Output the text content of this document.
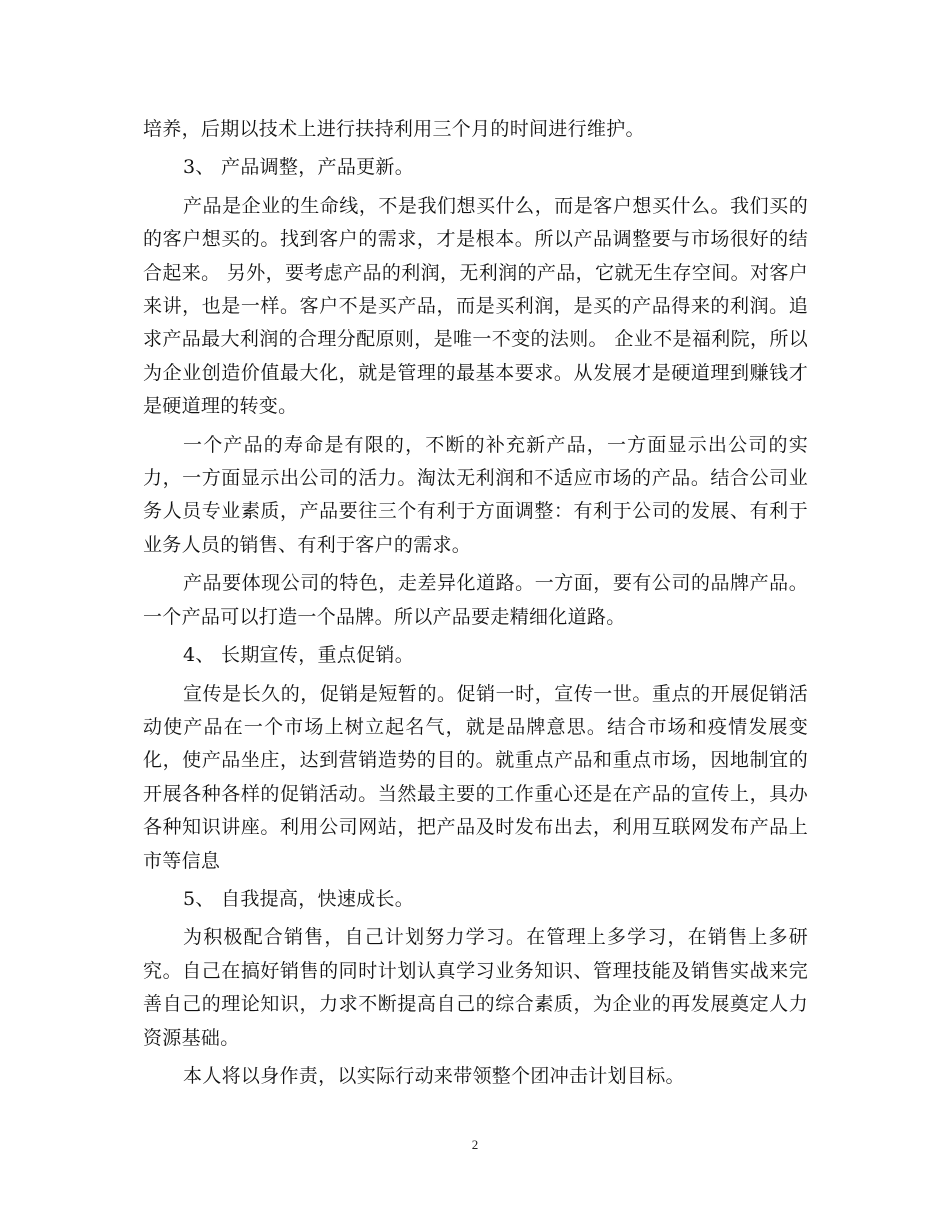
培养，后期以技术上进行扶持利用三个月的时间进行维护。

3、 产品调整，产品更新。

产品是企业的生命线，不是我们想买什么，而是客户想买什么。我们买的的客户想买的。找到客户的需求，才是根本。所以产品调整要与市场很好的结合起来。 另外，要考虑产品的利润，无利润的产品，它就无生存空间。对客户来讲，也是一样。客户不是买产品，而是买利润，是买的产品得来的利润。追求产品最大利润的合理分配原则，是唯一不变的法则。 企业不是福利院，所以为企业创造价值最大化，就是管理的最基本要求。从发展才是硬道理到赚钱才是硬道理的转变。

一个产品的寿命是有限的，不断的补充新产品，一方面显示出公司的实力，一方面显示出公司的活力。淘汰无利润和不适应市场的产品。结合公司业务人员专业素质，产品要往三个有利于方面调整：有利于公司的发展、有利于业务人员的销售、有利于客户的需求。

产品要体现公司的特色，走差异化道路。一方面，要有公司的品牌产品。一个产品可以打造一个品牌。所以产品要走精细化道路。

4、 长期宣传，重点促销。

宣传是长久的，促销是短暂的。促销一时，宣传一世。重点的开展促销活动使产品在一个市场上树立起名气，就是品牌意思。结合市场和疫情发展变化，使产品坐庄，达到营销造势的目的。就重点产品和重点市场，因地制宜的开展各种各样的促销活动。当然最主要的工作重心还是在产品的宣传上，具办各种知识讲座。利用公司网站，把产品及时发布出去，利用互联网发布产品上市等信息

5、 自我提高，快速成长。

为积极配合销售，自己计划努力学习。在管理上多学习，在销售上多研究。自己在搞好销售的同时计划认真学习业务知识、管理技能及销售实战来完善自己的理论知识，力求不断提高自己的综合素质，为企业的再发展奠定人力资源基础。

本人将以身作责，以实际行动来带领整个团冲击计划目标。

2
